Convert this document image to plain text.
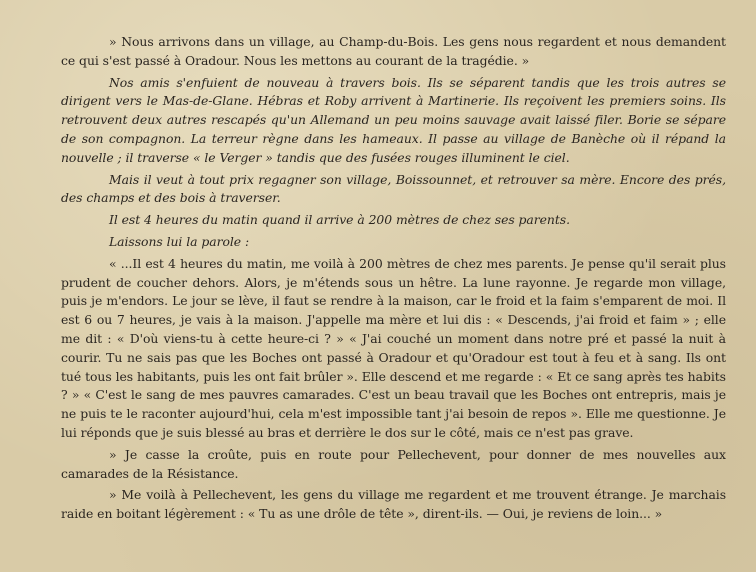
» Nous arrivons dans un village, au Champ-du-Bois. Les gens nous regardent et nous demandent ce qui s'est passé à Oradour. Nous les mettons au courant de la tragédie. »

Nos amis s'enfuient de nouveau à travers bois. Ils se séparent tandis que les trois autres se dirigent vers le Mas-de-Glane. Hébras et Roby arrivent à Martinerie. Ils reçoivent les premiers soins. Ils retrouvent deux autres rescapés qu'un Allemand un peu moins sauvage avait laissé filer. Borie se sépare de son compagnon. La terreur règne dans les hameaux. Il passe au village de Banèche où il répand la nouvelle ; il traverse « le Verger » tandis que des fusées rouges illuminent le ciel.

Mais il veut à tout prix regagner son village, Boissounnet, et retrouver sa mère. Encore des prés, des champs et des bois à traverser.

Il est 4 heures du matin quand il arrive à 200 mètres de chez ses parents.

Laissons lui la parole :

« ...Il est 4 heures du matin, me voilà à 200 mètres de chez mes parents. Je pense qu'il serait plus prudent de coucher dehors. Alors, je m'étends sous un hêtre. La lune rayonne. Je regarde mon village, puis je m'endors. Le jour se lève, il faut se rendre à la maison, car le froid et la faim s'emparent de moi. Il est 6 ou 7 heures, je vais à la maison. J'appelle ma mère et lui dis : « Descends, j'ai froid et faim » ; elle me dit : « D'où viens-tu à cette heure-ci ? » « J'ai couché un moment dans notre pré et passé la nuit à courir. Tu ne sais pas que les Boches ont passé à Oradour et qu'Oradour est tout à feu et à sang. Ils ont tué tous les habitants, puis les ont fait brûler ». Elle descend et me regarde : « Et ce sang après tes habits ? » « C'est le sang de mes pauvres camarades. C'est un beau travail que les Boches ont entrepris, mais je ne puis te le raconter aujourd'hui, cela m'est impossible tant j'ai besoin de repos ». Elle me questionne. Je lui réponds que je suis blessé au bras et derrière le dos sur le côté, mais ce n'est pas grave.

» Je casse la croûte, puis en route pour Pellechevent, pour donner de mes nouvelles aux camarades de la Résistance.

» Me voilà à Pellechevent, les gens du village me regardent et me trouvent étrange. Je marchais raide en boitant légèrement : « Tu as une drôle de tête », dirent-ils. — Oui, je reviens de loin... »
